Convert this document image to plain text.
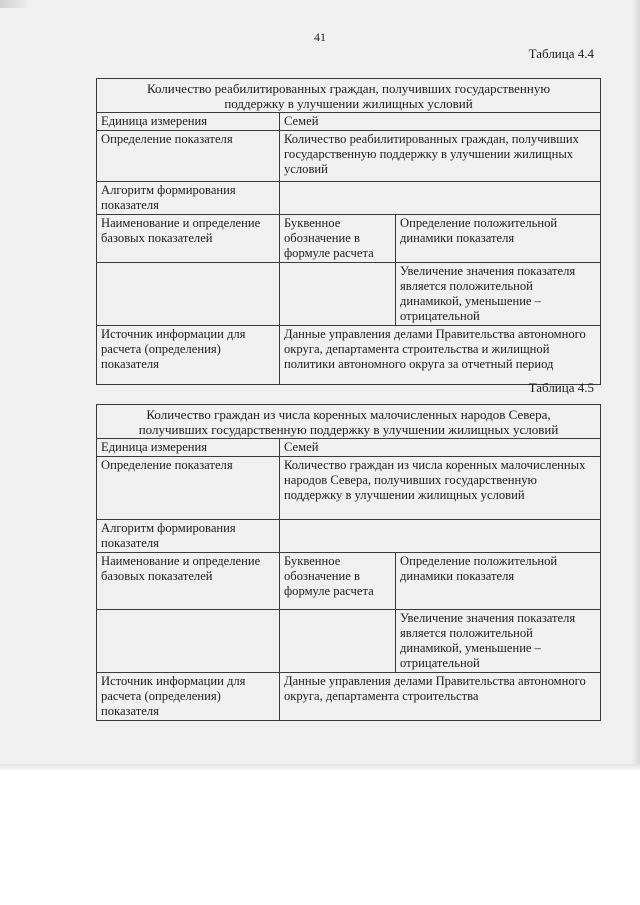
41
Таблица 4.4
Количество реабилитированных граждан, получивших государственную
поддержку в улучшении жилищных условий		
Единица измерения	Семей	
Определение показателя	Количество реабилитированных граждан, получивших государственную поддержку в улучшении жилищных условий	
Алгоритм формирования показателя		
Наименование и определение базовых показателей	Буквенное обозначение в формуле расчета	Определение положительной динамики показателя
		Увеличение значения показателя является положительной динамикой, уменьшение – отрицательной
Источник информации для расчета (определения) показателя	Данные управления делами Правительства автономного округа, департамента строительства и жилищной политики автономного округа за отчетный период	
Таблица 4.5
Количество граждан из числа коренных малочисленных народов Севера,
получивших государственную поддержку в улучшении жилищных условий		
Единица измерения	Семей	
Определение показателя	Количество граждан из числа коренных малочисленных народов Севера, получивших государственную поддержку в улучшении жилищных условий	
Алгоритм формирования показателя		
Наименование и определение базовых показателей	Буквенное обозначение в формуле расчета	Определение положительной динамики показателя
		Увеличение значения показателя является положительной динамикой, уменьшение – отрицательной
Источник информации для расчета (определения) показателя	Данные управления делами Правительства автономного округа, департамента строительства	
